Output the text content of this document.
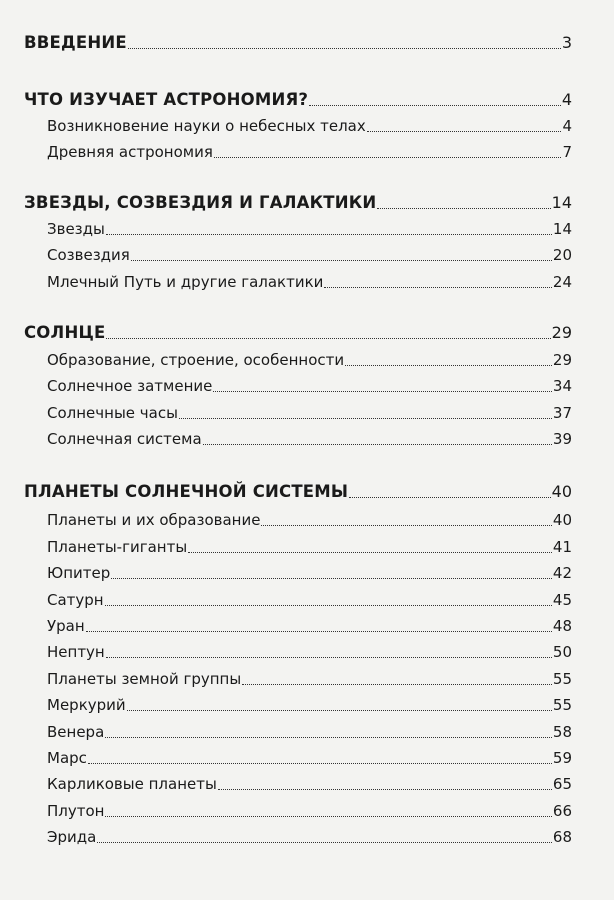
ВВЕДЕНИЕ	3
ЧТО ИЗУЧАЕТ АСТРОНОМИЯ?	4
Возникновение науки о небесных телах	4
Древняя астрономия	7
ЗВЕЗДЫ, СОЗВЕЗДИЯ И ГАЛАКТИКИ	14
Звезды	14
Созвездия	20
Млечный Путь и другие галактики	24
СОЛНЦЕ	29
Образование, строение, особенности	29
Солнечное затмение	34
Солнечные часы	37
Солнечная система	39
ПЛАНЕТЫ СОЛНЕЧНОЙ СИСТЕМЫ	40
Планеты и их образование	40
Планеты-гиганты	41
Юпитер	42
Сатурн	45
Уран	48
Нептун	50
Планеты земной группы	55
Меркурий	55
Венера	58
Марс	59
Карликовые планеты	65
Плутон	66
Эрида	68
